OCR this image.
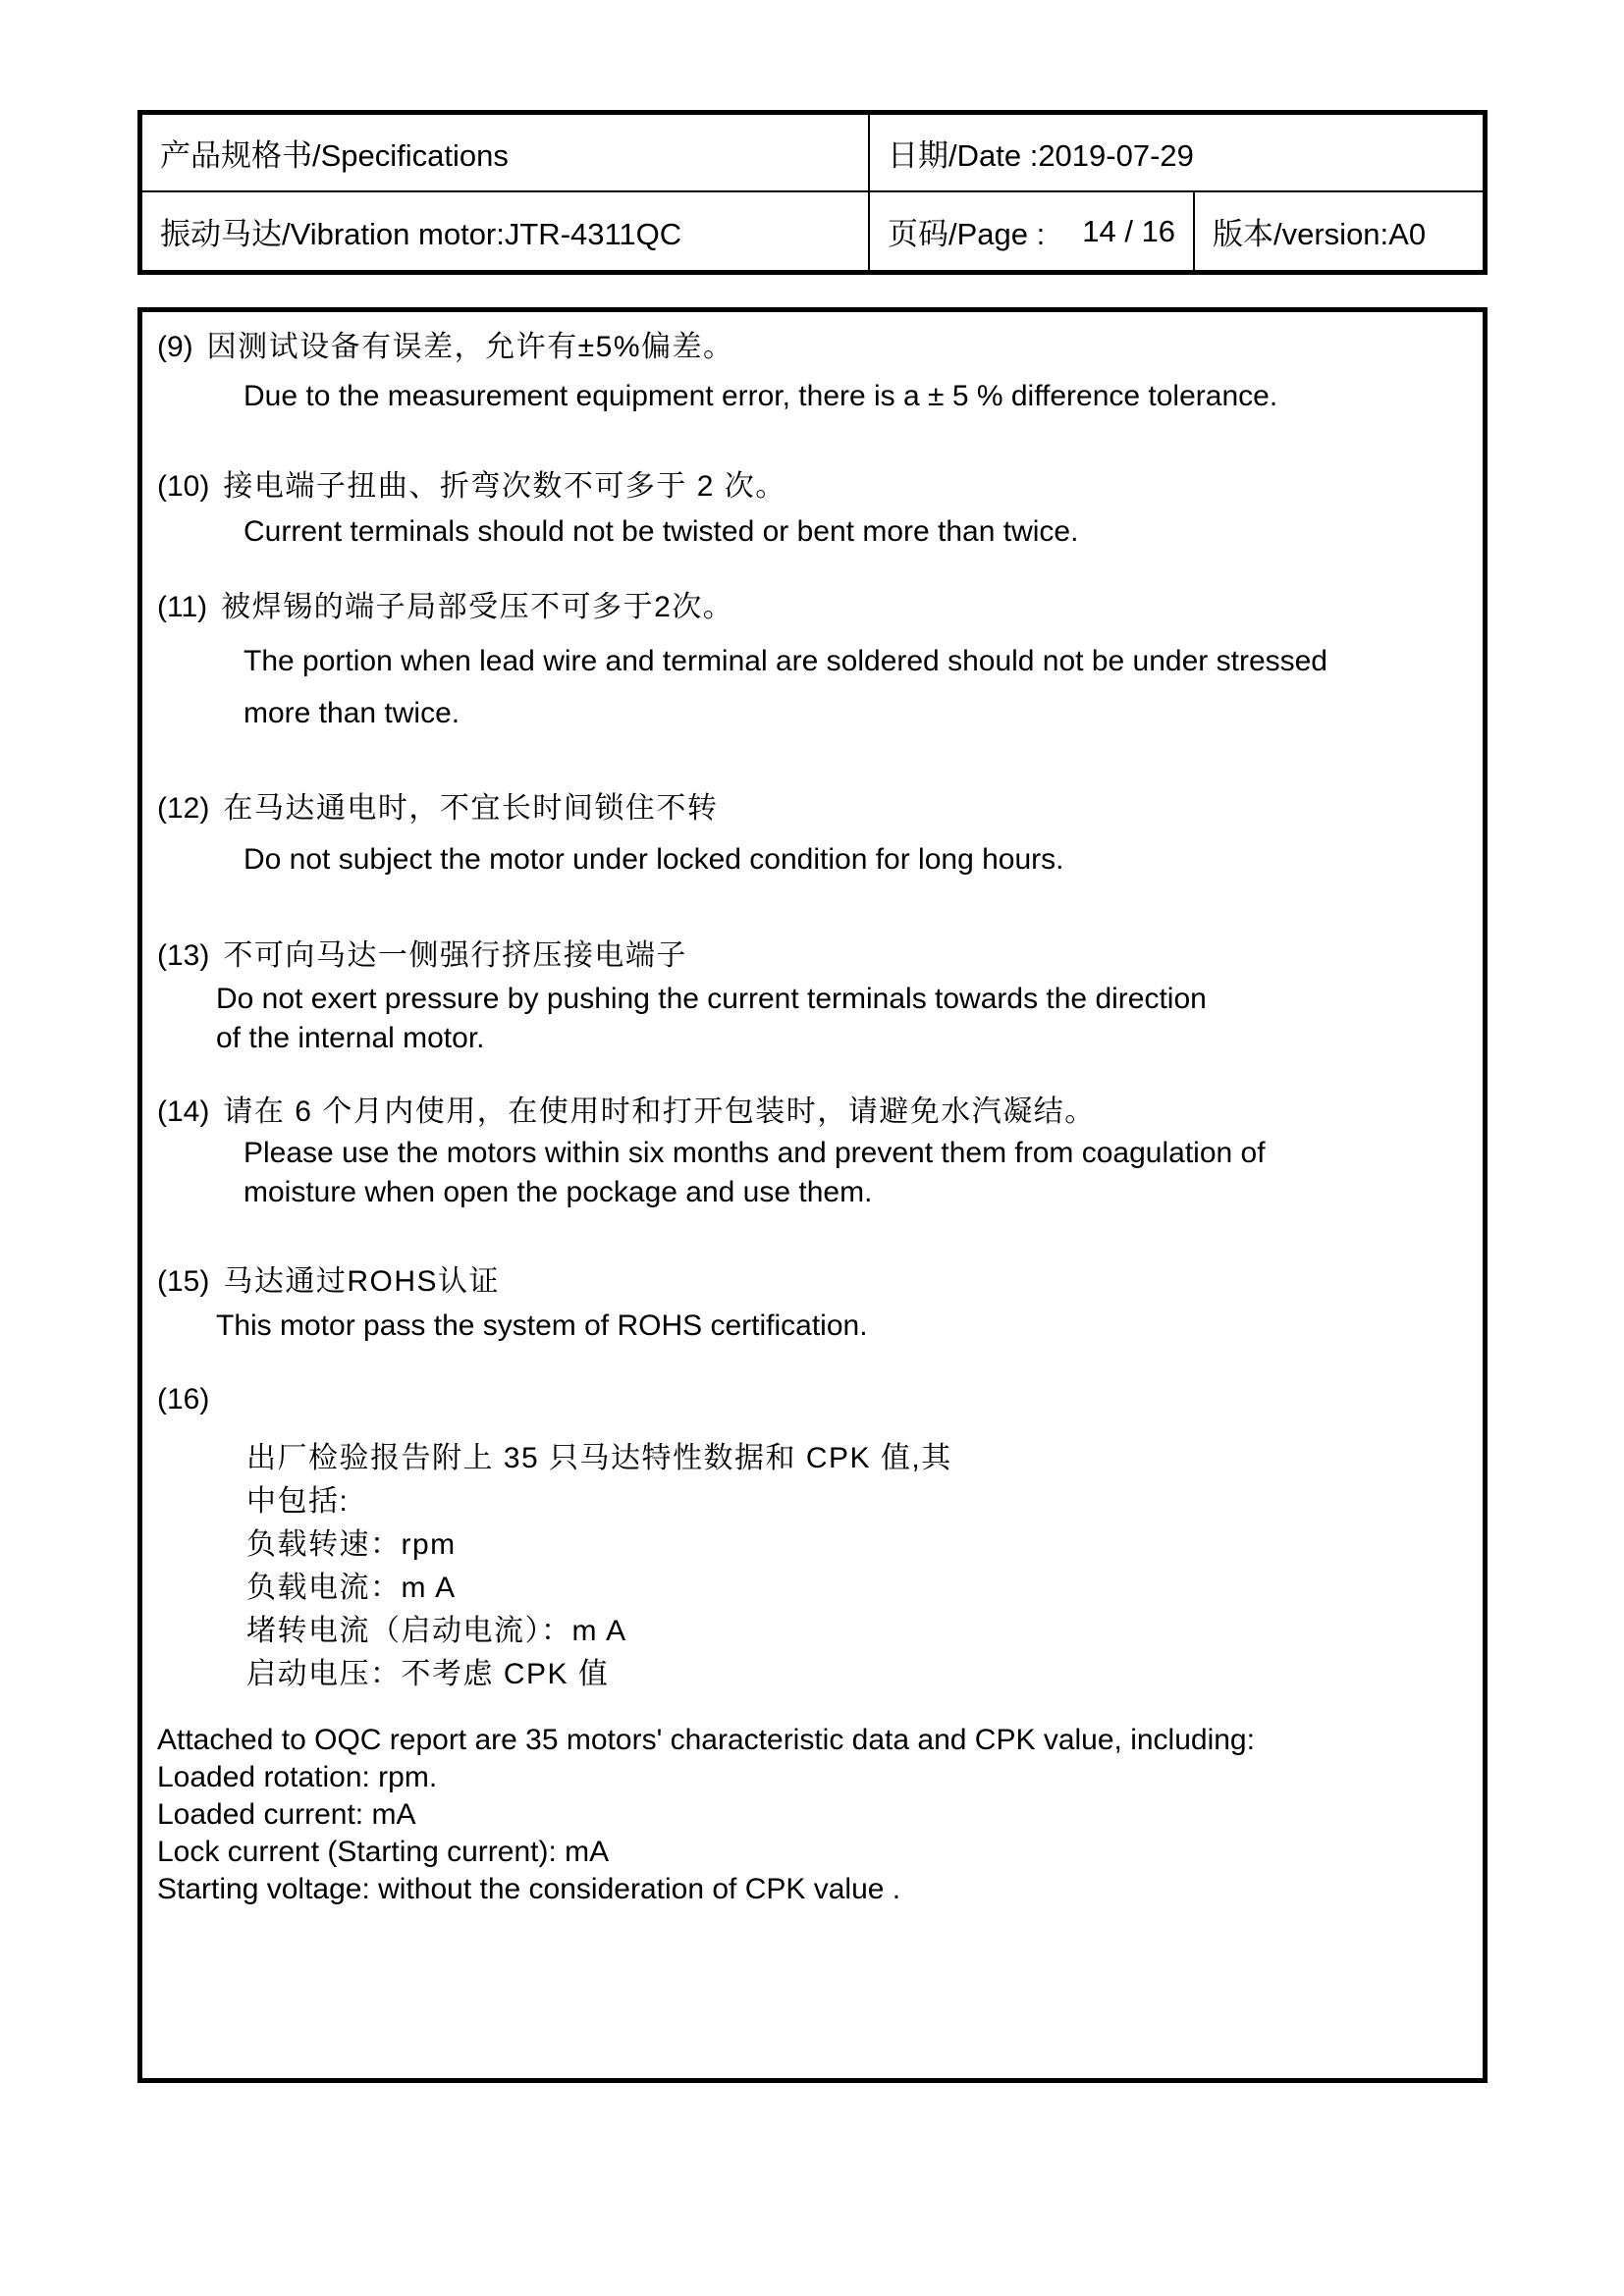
产品规格书/Specifications	日期/Date :2019-07-29
振动马达/Vibration motor:JTR-4311QC	页码/Page : 14 / 16	版本/version:A0
(9) 因测试设备有误差，允许有±5%偏差。
Due to the measurement equipment error, there is a ± 5 % difference tolerance.
(10) 接电端子扭曲、折弯次数不可多于 2 次。
Current terminals should not be twisted or bent more than twice.
(11) 被焊锡的端子局部受压不可多于2次。
The portion when lead wire and terminal are soldered should not be under stressed
more than twice.
(12) 在马达通电时，不宜长时间锁住不转
Do not subject the motor under locked condition for long hours.
(13) 不可向马达一侧强行挤压接电端子
Do not exert pressure by pushing the current terminals towards the direction
of the internal motor.
(14) 请在 6 个月内使用，在使用时和打开包装时，请避免水汽凝结。
Please use the motors within six months and prevent them from coagulation of
moisture when open the pockage and use them.
(15) 马达通过ROHS认证
This motor pass the system of ROHS certification.
(16)
出厂检验报告附上 35 只马达特性数据和 CPK 值,其
中包括:
负载转速：rpm
负载电流：m A
堵转电流（启动电流）：m A
启动电压：不考虑 CPK 值
Attached to OQC report are 35 motors' characteristic data and CPK value, including:
Loaded rotation: rpm.
Loaded current: mA
Lock current (Starting current): mA
Starting voltage: without the consideration of CPK value .
